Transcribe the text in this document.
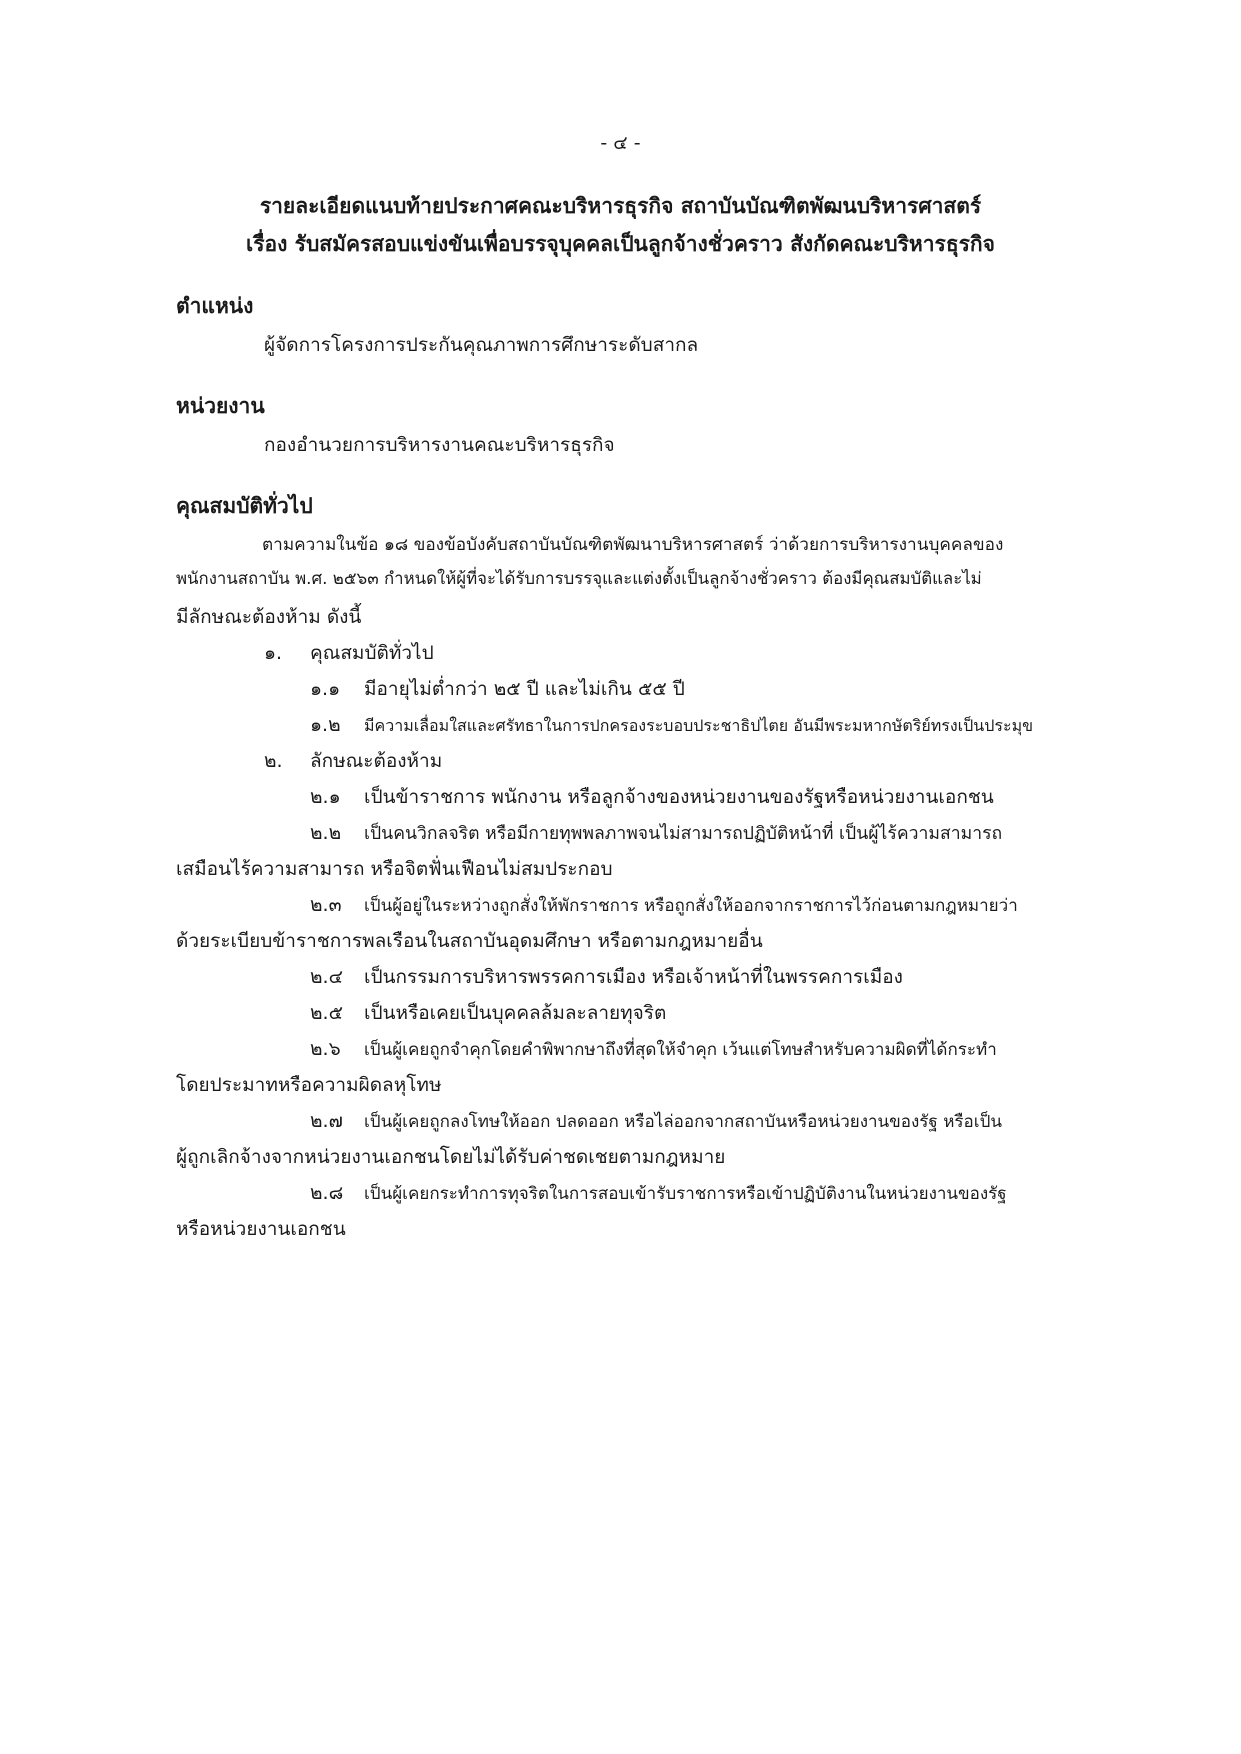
- ๔ -
รายละเอียดแนบท้ายประกาศคณะบริหารธุรกิจ สถาบันบัณฑิตพัฒนบริหารศาสตร์
เรื่อง รับสมัครสอบแข่งขันเพื่อบรรจุบุคคลเป็นลูกจ้างชั่วคราว สังกัดคณะบริหารธุรกิจ
ตำแหน่ง
ผู้จัดการโครงการประกันคุณภาพการศึกษาระดับสากล
หน่วยงาน
กองอำนวยการบริหารงานคณะบริหารธุรกิจ
คุณสมบัติทั่วไป
ตามความในข้อ ๑๘ ของข้อบังคับสถาบันบัณฑิตพัฒนาบริหารศาสตร์ ว่าด้วยการบริหารงานบุคคลของ
พนักงานสถาบัน พ.ศ. ๒๕๖๓ กำหนดให้ผู้ที่จะได้รับการบรรจุและแต่งตั้งเป็นลูกจ้างชั่วคราว ต้องมีคุณสมบัติและไม่
มีลักษณะต้องห้าม ดังนี้
๑. คุณสมบัติทั่วไป
๑.๑ มีอายุไม่ต่ำกว่า ๒๕ ปี และไม่เกิน ๕๕ ปี
๑.๒ มีความเลื่อมใสและศรัทธาในการปกครองระบอบประชาธิปไตย อันมีพระมหากษัตริย์ทรงเป็นประมุข
๒. ลักษณะต้องห้าม
๒.๑ เป็นข้าราชการ พนักงาน หรือลูกจ้างของหน่วยงานของรัฐหรือหน่วยงานเอกชน
๒.๒ เป็นคนวิกลจริต หรือมีกายทุพพลภาพจนไม่สามารถปฏิบัติหน้าที่ เป็นผู้ไร้ความสามารถ
เสมือนไร้ความสามารถ หรือจิตฟั่นเฟือนไม่สมประกอบ
๒.๓ เป็นผู้อยู่ในระหว่างถูกสั่งให้พักราชการ หรือถูกสั่งให้ออกจากราชการไว้ก่อนตามกฎหมายว่า
ด้วยระเบียบข้าราชการพลเรือนในสถาบันอุดมศึกษา หรือตามกฎหมายอื่น
๒.๔ เป็นกรรมการบริหารพรรคการเมือง หรือเจ้าหน้าที่ในพรรคการเมือง
๒.๕ เป็นหรือเคยเป็นบุคคลล้มละลายทุจริต
๒.๖ เป็นผู้เคยถูกจำคุกโดยคำพิพากษาถึงที่สุดให้จำคุก เว้นแต่โทษสำหรับความผิดที่ได้กระทำ
โดยประมาทหรือความผิดลหุโทษ
๒.๗ เป็นผู้เคยถูกลงโทษให้ออก ปลดออก หรือไล่ออกจากสถาบันหรือหน่วยงานของรัฐ หรือเป็น
ผู้ถูกเลิกจ้างจากหน่วยงานเอกชนโดยไม่ได้รับค่าชดเชยตามกฎหมาย
๒.๘ เป็นผู้เคยกระทำการทุจริตในการสอบเข้ารับราชการหรือเข้าปฏิบัติงานในหน่วยงานของรัฐ
หรือหน่วยงานเอกชน
